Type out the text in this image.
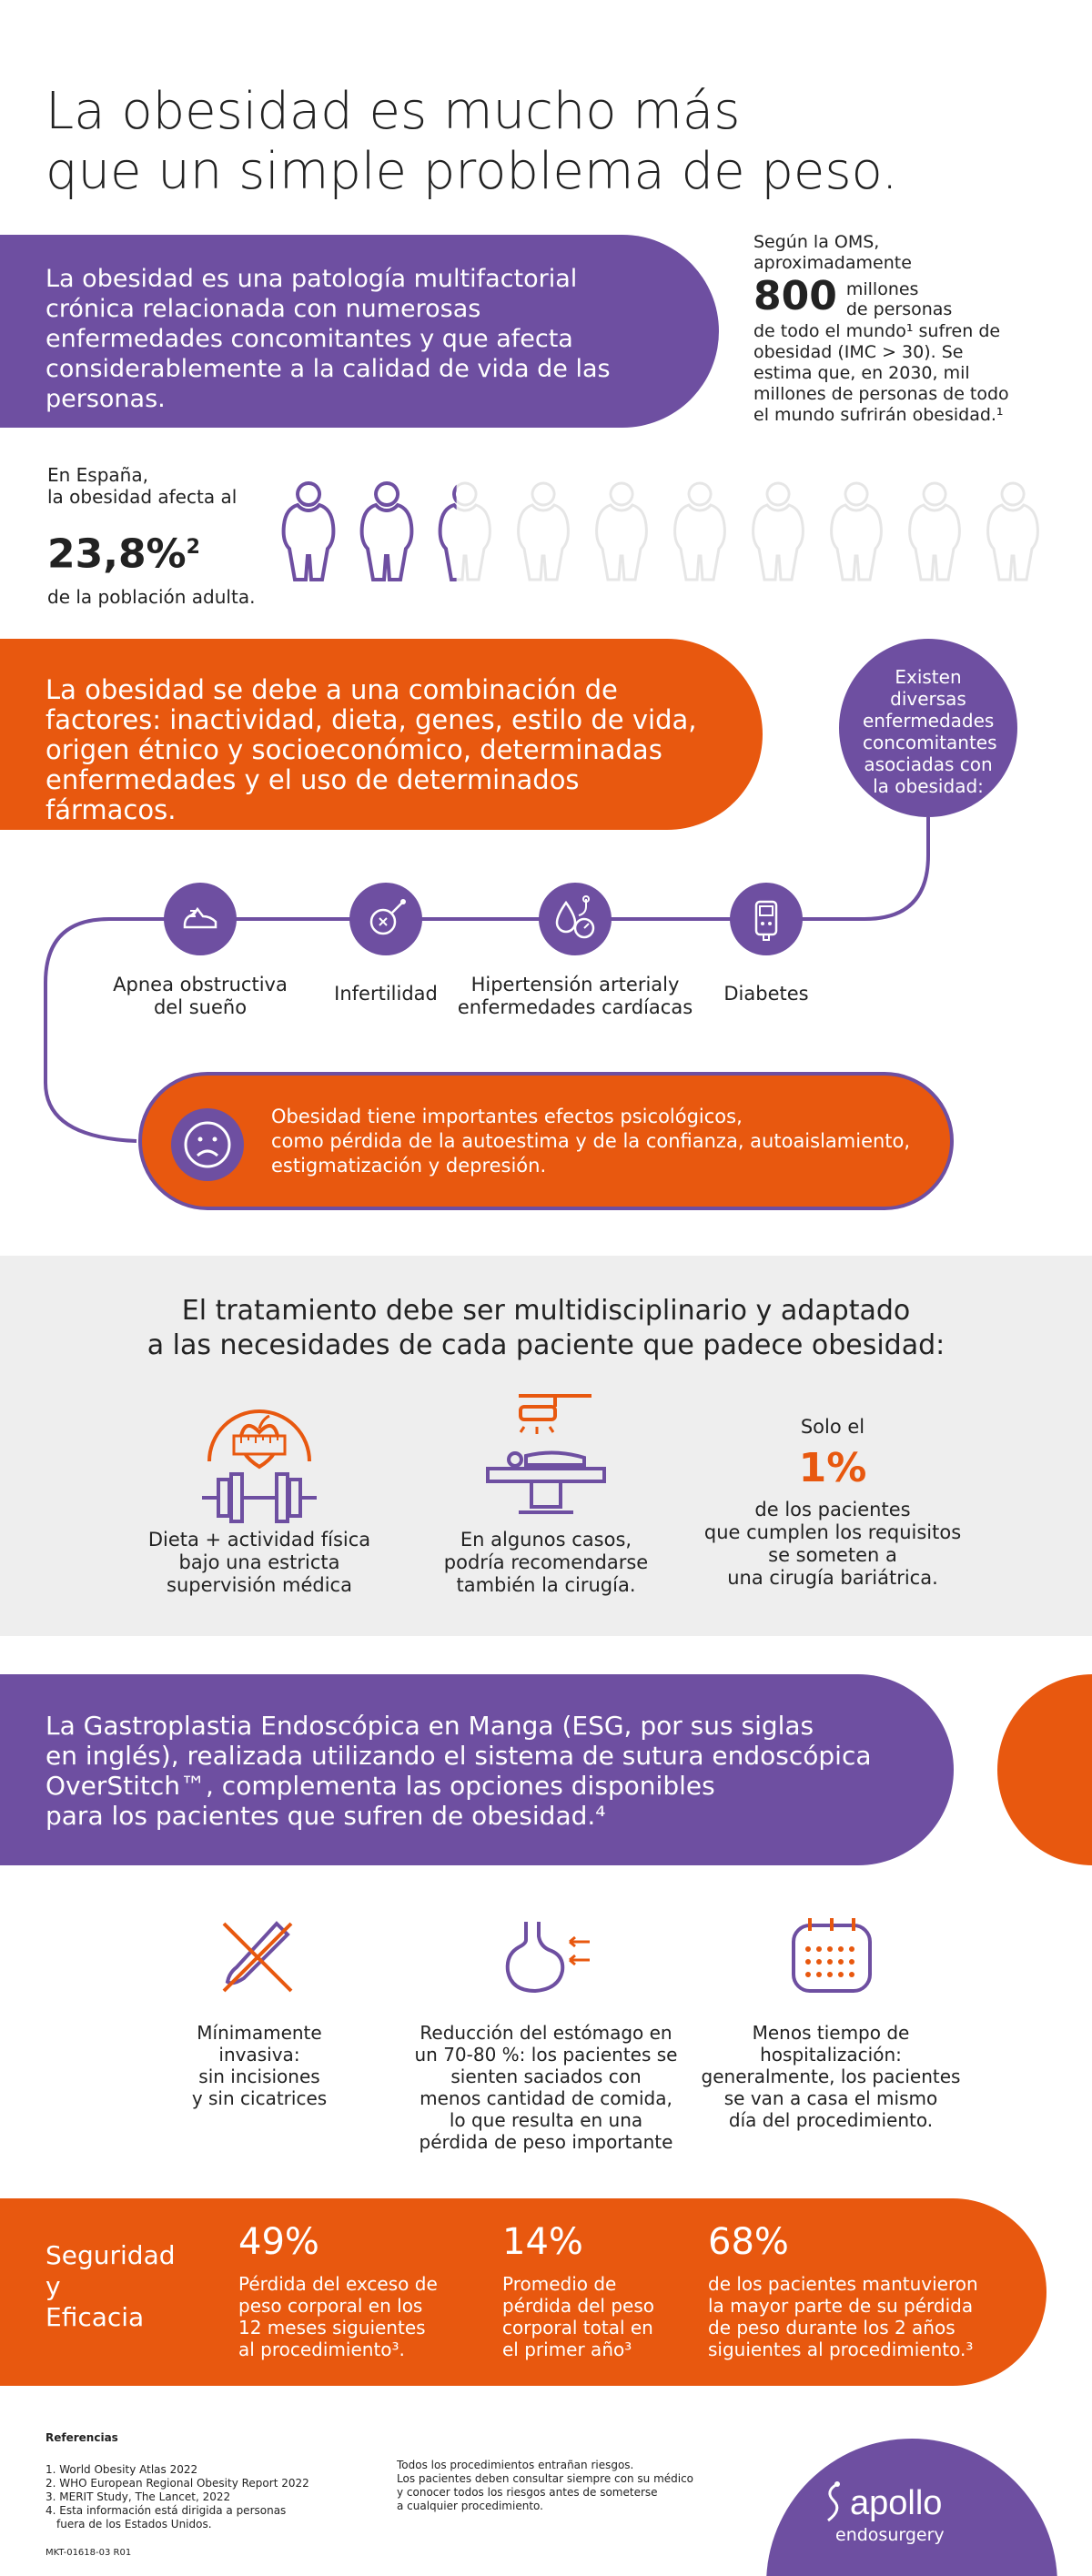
La obesidad es mucho más
que un simple problema de peso.

La obesidad es una patología multifactorial crónica relacionada con numerosas enfermedades concomitantes y que afecta considerablemente a la calidad de vida de las personas.

Según la OMS,
aproximadamente
800 millones
de personas
de todo el mundo¹ sufren de obesidad (IMC > 30). Se estima que, en 2030, mil millones de personas de todo el mundo sufrirán obesidad.¹
En España,
la obesidad afecta al
23,8%$^2$
de la población adulta.

La obesidad se debe a una combinación de factores: inactividad, dieta, genes, estilo de vida, origen étnico y socioeconómico, determinadas enfermedades y el uso de determinados fármacos.

Existen diversas enfermedades concomitantes asociadas con la obesidad:
Apnea obstructiva
del sueño
Infertilidad	Hipertensión arterialy
enfermedades cardíacas
Diabetes
Obesidad tiene importantes efectos psicológicos,
como pérdida de la autoestima y de la confianza, autoaislamiento,
estigmatización y depresión.
El tratamiento debe ser multidisciplinario y adaptado
a las necesidades de cada paciente que padece obesidad:
Dieta + actividad física
bajo una estricta
supervisión médica
En algunos casos,
podría recomendarse
también la cirugía.
Solo el
1%
de los pacientes
que cumplen los requisitos
se someten a
una cirugía bariátrica.

La Gastroplastia Endoscópica en Manga (ESG, por sus siglas

en inglés), realizada utilizando el sistema de sutura endoscópica

OverStitch™, complementa las opciones disponibles

para los pacientes que sufren de obesidad.⁴

Mínimamente
invasiva:
sin incisiones
y sin cicatrices
Reducción del estómago en
un 70-80 %: los pacientes se
sienten saciados con
menos cantidad de comida,
lo que resulta en una
pérdida de peso importante
Menos tiempo de
hospitalización:
generalmente, los pacientes
se van a casa el mismo
día del procedimiento.
Seguridad
y
Eficacia
49%
Pérdida del exceso de
peso corporal en los
12 meses siguientes
al procedimiento³.
14%
Promedio de
pérdida del peso
corporal total en
el primer año³
68%
de los pacientes mantuvieron
la mayor parte de su pérdida
de peso durante los 2 años
siguientes al procedimiento.³
Referencias
1. World Obesity Atlas 2022
2. WHO European Regional Obesity Report 2022
3. MERIT Study, The Lancet, 2022
4. Esta información está dirigida a personas
fuera de los Estados Unidos.
Todos los procedimientos entrañan riesgos.
Los pacientes deben consultar siempre con su médico
y conocer todos los riesgos antes de someterse
a cualquier procedimiento.
MKT-01618-03 R01
apollo
endosurgery
